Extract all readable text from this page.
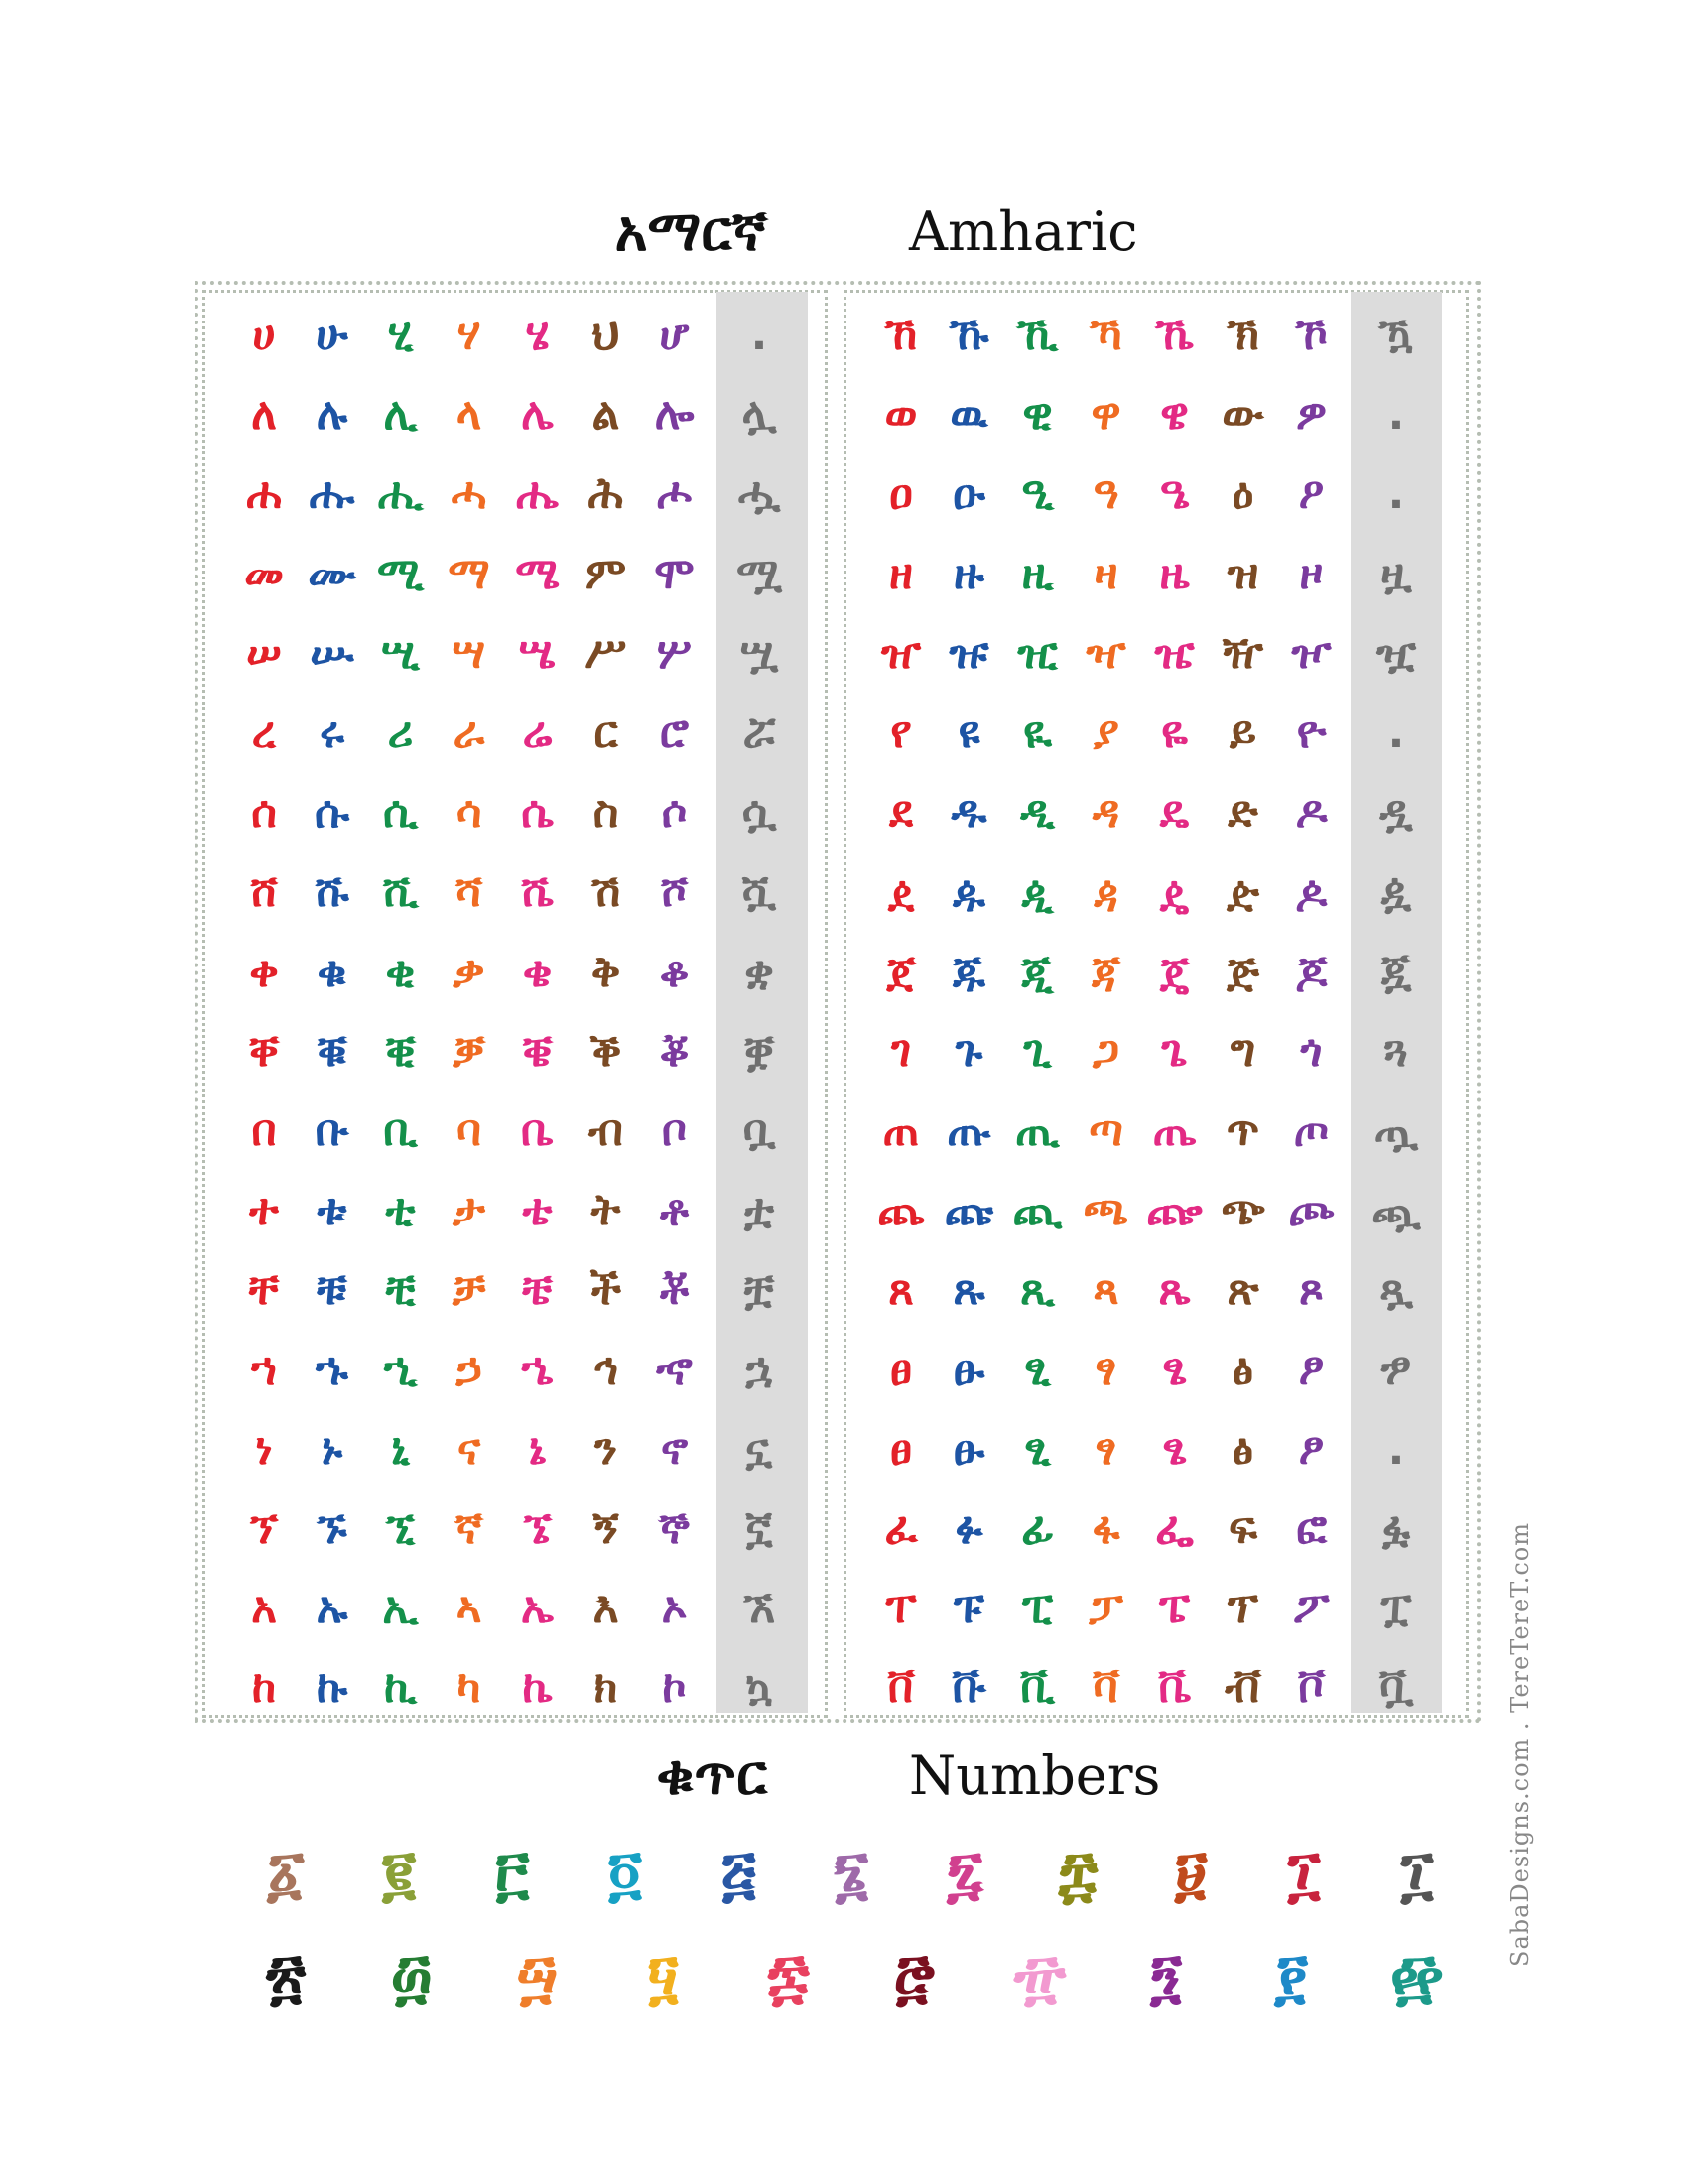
አማርኛ	Amharic
ሀ ሁ ሂ	ሃ	ሄ ህ ሆ	.
ለ ሉ ሊ ላ ሌ ል ሎ	ሏ
ሐ ሑ ሒ ሓ ሔ ሕ ሖ	ሗ
መ ሙ ሚ ማ ሜ ም ሞ ሟ
ሠ ሡ ሢ ሣ ሤ ሥ ሦ	ሧ
ረ ሩ ሪ ራ ሬ ር ሮ	ሯ
ሰ ሱ ሲ ሳ ሴ ስ ሶ	ሷ
ሸ ሹ ሺ ሻ ሼ ሽ ሾ	ሿ
ቀ ቁ ቂ ቃ ቄ ቅ ቆ	ቋ
ቐ ቑ ቒ ቓ ቔ ቕ ቖ	ቛ
በ ቡ ቢ ባ ቤ ብ ቦ	ቧ
ተ ቱ ቲ ታ ቴ ት ቶ	ቷ
ቸ ቹ ቺ ቻ ቼ ች ቾ	ቿ
ኀ ኁ ኂ ኃ ኄ ኅ ኆ	ኋ
ነ	ኑ	ኒ	ና	ኔ	ን ኖ	ኗ
ኘ ኙ ኚ ኛ ኜ ኝ ኞ	ኟ
አ ኡ ኢ ኣ ኤ እ ኦ	ኧ
ከ ኩ ኪ ካ ኬ ክ	ኮ	ኳ
ኸ ኹ ኺ ኻ ኼ ኽ ኾ	ዃ
ወ ዉ ዊ ዋ ዌ ው ዎ	.
ዐ ዑ ዒ ዓ ዔ ዕ	ዖ	.
ዘ ዙ ዚ ዛ ዜ ዝ ዞ	ዟ
ዠ ዡ ዢ ዣ ዤ ዥ ዦ	ዧ
የ	ዩ ዪ ያ ዬ ይ ዮ	.
ደ ዱ ዲ ዳ ዴ ድ ዶ	ዷ
ዸ ዹ ዺ ዻ ዼ ዽ ዾ	ዿ
ጀ ጁ ጂ ጃ ጄ ጅ ጆ	ጇ
ገ	ጉ ጊ ጋ ጌ ግ	ጎ	ጓ
ጠ ጡ ጢ ጣ ጤ ጥ ጦ	ጧ
ጨ ጩ ጪ ጫ ጬ ጭ ጮ ጯ
ጸ ጹ ጺ ጻ ጼ ጽ ጾ	ጿ
ፀ ፁ ፂ	ፃ	ፄ	ፅ	ፆ	ፇ
ፀ ፁ ፂ	ፃ	ፄ	ፅ	ፆ	.
ፈ ፉ ፊ ፋ ፌ ፍ ፎ	ፏ
ፐ ፑ ፒ ፓ ፔ ፕ ፖ	ፗ
ቨ ቩ ቪ ቫ ቬ ቭ ቮ	ቯ
ቁጥር	Numbers
፩	፪	፫	፬	፭	፮	፯	፰	፱	፲	፲
፳	፴	፵	፶	፷	፸	፹	፺	፻	፼
SabaDesigns.com . TereTereT.com
